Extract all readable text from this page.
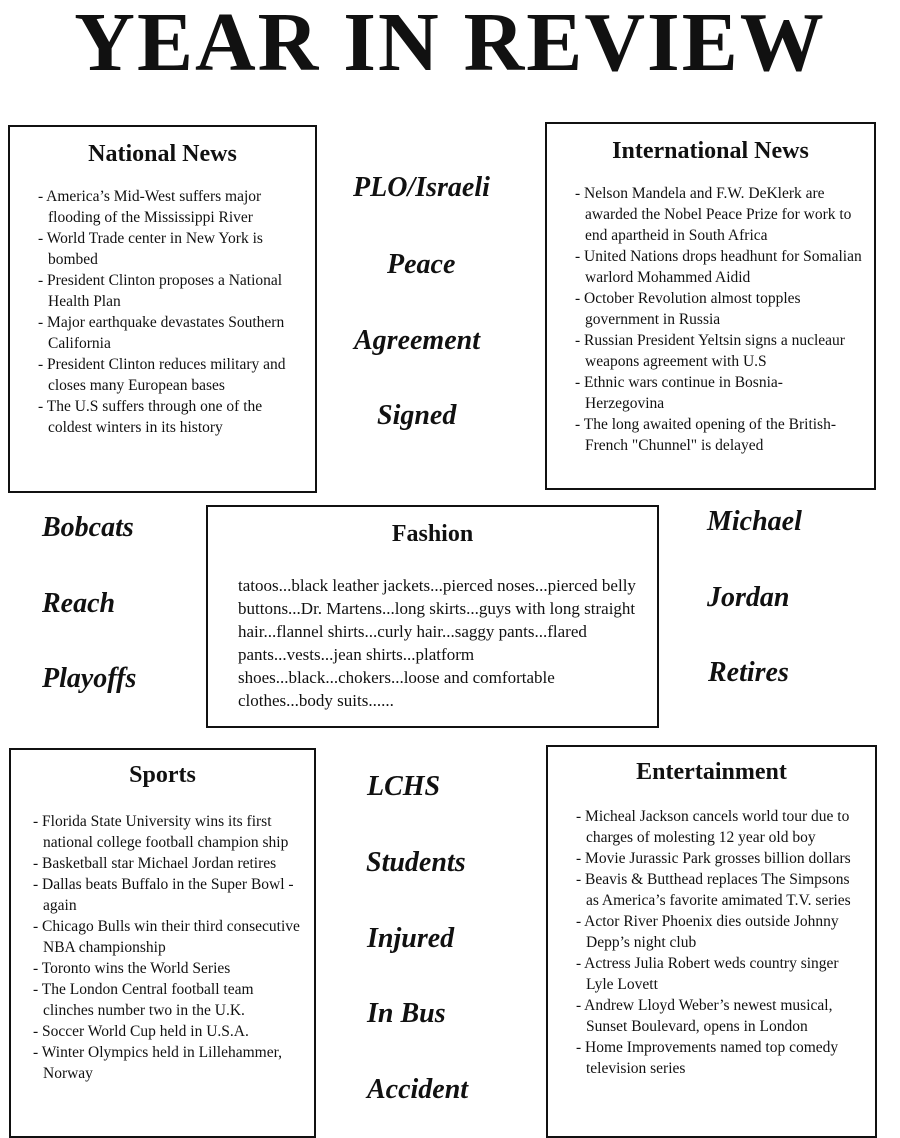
YEAR IN REVIEW
National News
- America’s Mid-West suffers major flooding of the Mississippi River
- World Trade center in New York is bombed
- President Clinton proposes a National Health Plan
- Major earthquake devastates Southern California
- President Clinton reduces military and closes many European bases
- The U.S suffers through one of the coldest winters in its history
PLO/Israeli
Peace
Agreement
Signed
International News
- Nelson Mandela and F.W. DeKlerk are awarded the Nobel Peace Prize for work to end apartheid in South Africa
- United Nations drops headhunt for Somalian warlord Mohammed Aidid
- October Revolution almost topples government in Russia
- Russian President Yeltsin signs a nucleaur weapons agreement with U.S
- Ethnic wars continue in Bosnia-Herzegovina
- The long awaited opening of the British-French "Chunnel" is delayed
Bobcats
Reach
Playoffs
Fashion
tatoos...black leather jackets...pierced noses...pierced belly buttons...Dr. Martens...long skirts...guys with long straight hair...flannel shirts...curly hair...saggy pants...flared pants...vests...jean shirts...platform shoes...black...chokers...loose and comfortable clothes...body suits......
Michael
Jordan
Retires
Sports
- Florida State University wins its first national college football champion ship
- Basketball star Michael Jordan retires
- Dallas beats Buffalo in the Super Bowl - again
- Chicago Bulls win their third consecutive NBA championship
- Toronto wins the World Series
- The London Central football team clinches number two in the U.K.
- Soccer World Cup held in U.S.A.
- Winter Olympics held in Lillehammer, Norway
LCHS
Students
Injured
In Bus
Accident
Entertainment
- Micheal Jackson cancels world tour due to charges of molesting 12 year old boy
- Movie Jurassic Park grosses billion dollars
- Beavis & Butthead replaces The Simpsons as America’s favorite amimated T.V. series
- Actor River Phoenix dies outside Johnny Depp’s night club
- Actress Julia Robert weds country singer Lyle Lovett
- Andrew Lloyd Weber’s newest musical, Sunset Boulevard, opens in London
- Home Improvements named top comedy television series
